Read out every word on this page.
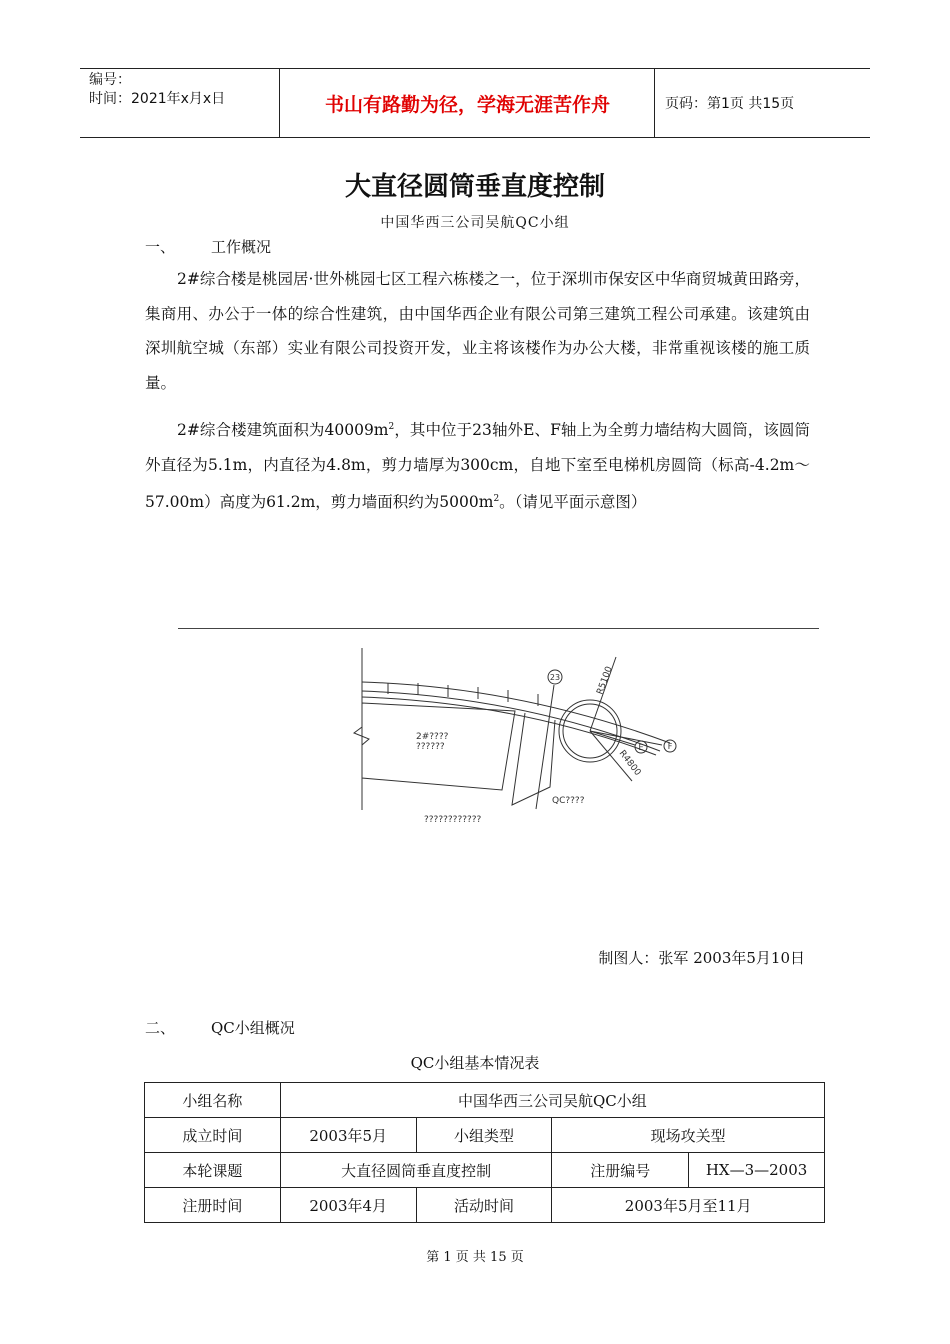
编号：
时间：2021年x月x日	书山有路勤为径，学海无涯苦作舟	页码：第1页 共15页
大直径圆筒垂直度控制
中国华西三公司吴航QC小组
一、 工作概况

2#综合楼是桃园居·世外桃园七区工程六栋楼之一，位于深圳市保安区中华商贸城黄田路旁，集商用、办公于一体的综合性建筑，由中国华西企业有限公司第三建筑工程公司承建。该建筑由深圳航空城（东部）实业有限公司投资开发，业主将该楼作为办公大楼，非常重视该楼的施工质量。

2#综合楼建筑面积为$40009m^2$，其中位于23轴外E、F轴上为全剪力墙结构大圆筒，该圆筒外直径为5.1m，内直径为4.8m，剪力墙厚为300cm，自地下室至电梯机房圆筒（标高-4.2m～57.00m）高度为61.2m，剪力墙面积约为$5000m^2$。（请见平面示意图）

23
E	F
R5100
R4800
2#????
??????
QC????
????????????
制图人：张军 2003年5月10日
二、 QC小组概况
QC小组基本情况表
小组名称	中国华西三公司吴航QC小组			
成立时间	2003年5月	小组类型	现场攻关型	
本轮课题	大直径圆筒垂直度控制		注册编号	HX—3—2003
注册时间	2003年4月	活动时间	2003年5月至11月	
第 1 页 共 15 页
